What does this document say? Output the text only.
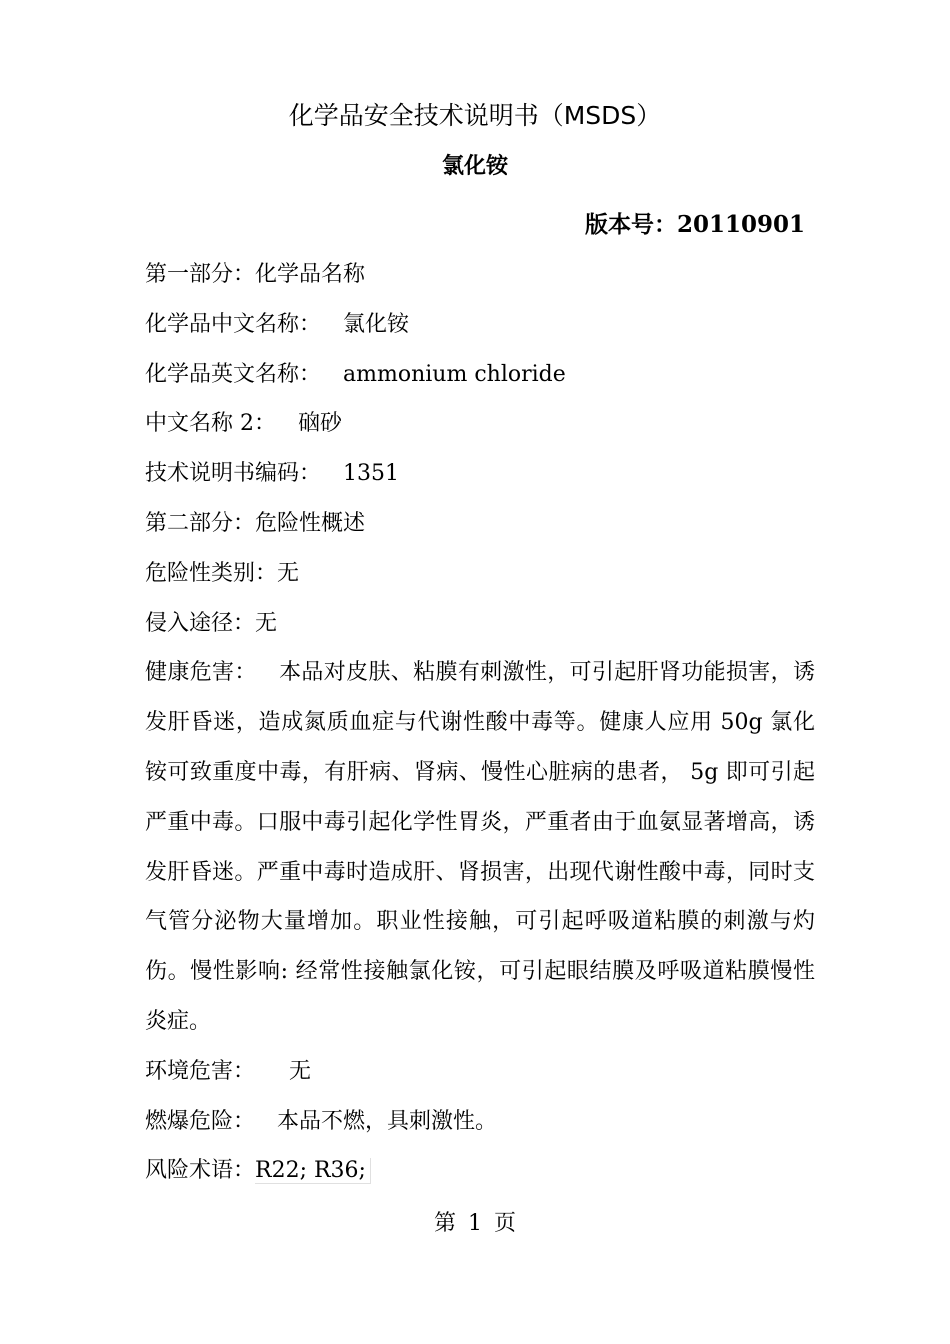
化学品安全技术说明书（MSDS）
氯化铵
版本号：20110901
第一部分：化学品名称
化学品中文名称： 氯化铵
化学品英文名称： ammonium chloride
中文名称 2： 硇砂
技术说明书编码： 1351
第二部分：危险性概述
危险性类别：无
侵入途径：无
健康危害： 本品对皮肤、粘膜有刺激性，可引起肝肾功能损害，诱发肝昏迷，造成氮质血症与代谢性酸中毒等。健康人应用 50g 氯化铵可致重度中毒，有肝病、肾病、慢性心脏病的患者， 5g 即可引起严重中毒。口服中毒引起化学性胃炎，严重者由于血氨显著增高，诱发肝昏迷。严重中毒时造成肝、肾损害，出现代谢性酸中毒，同时支气管分泌物大量增加。职业性接触，可引起呼吸道粘膜的刺激与灼伤。慢性影响: 经常性接触氯化铵，可引起眼结膜及呼吸道粘膜慢性炎症。
环境危害： 无
燃爆危险： 本品不燃，具刺激性。
风险术语：R22; R36;
第 1 页
